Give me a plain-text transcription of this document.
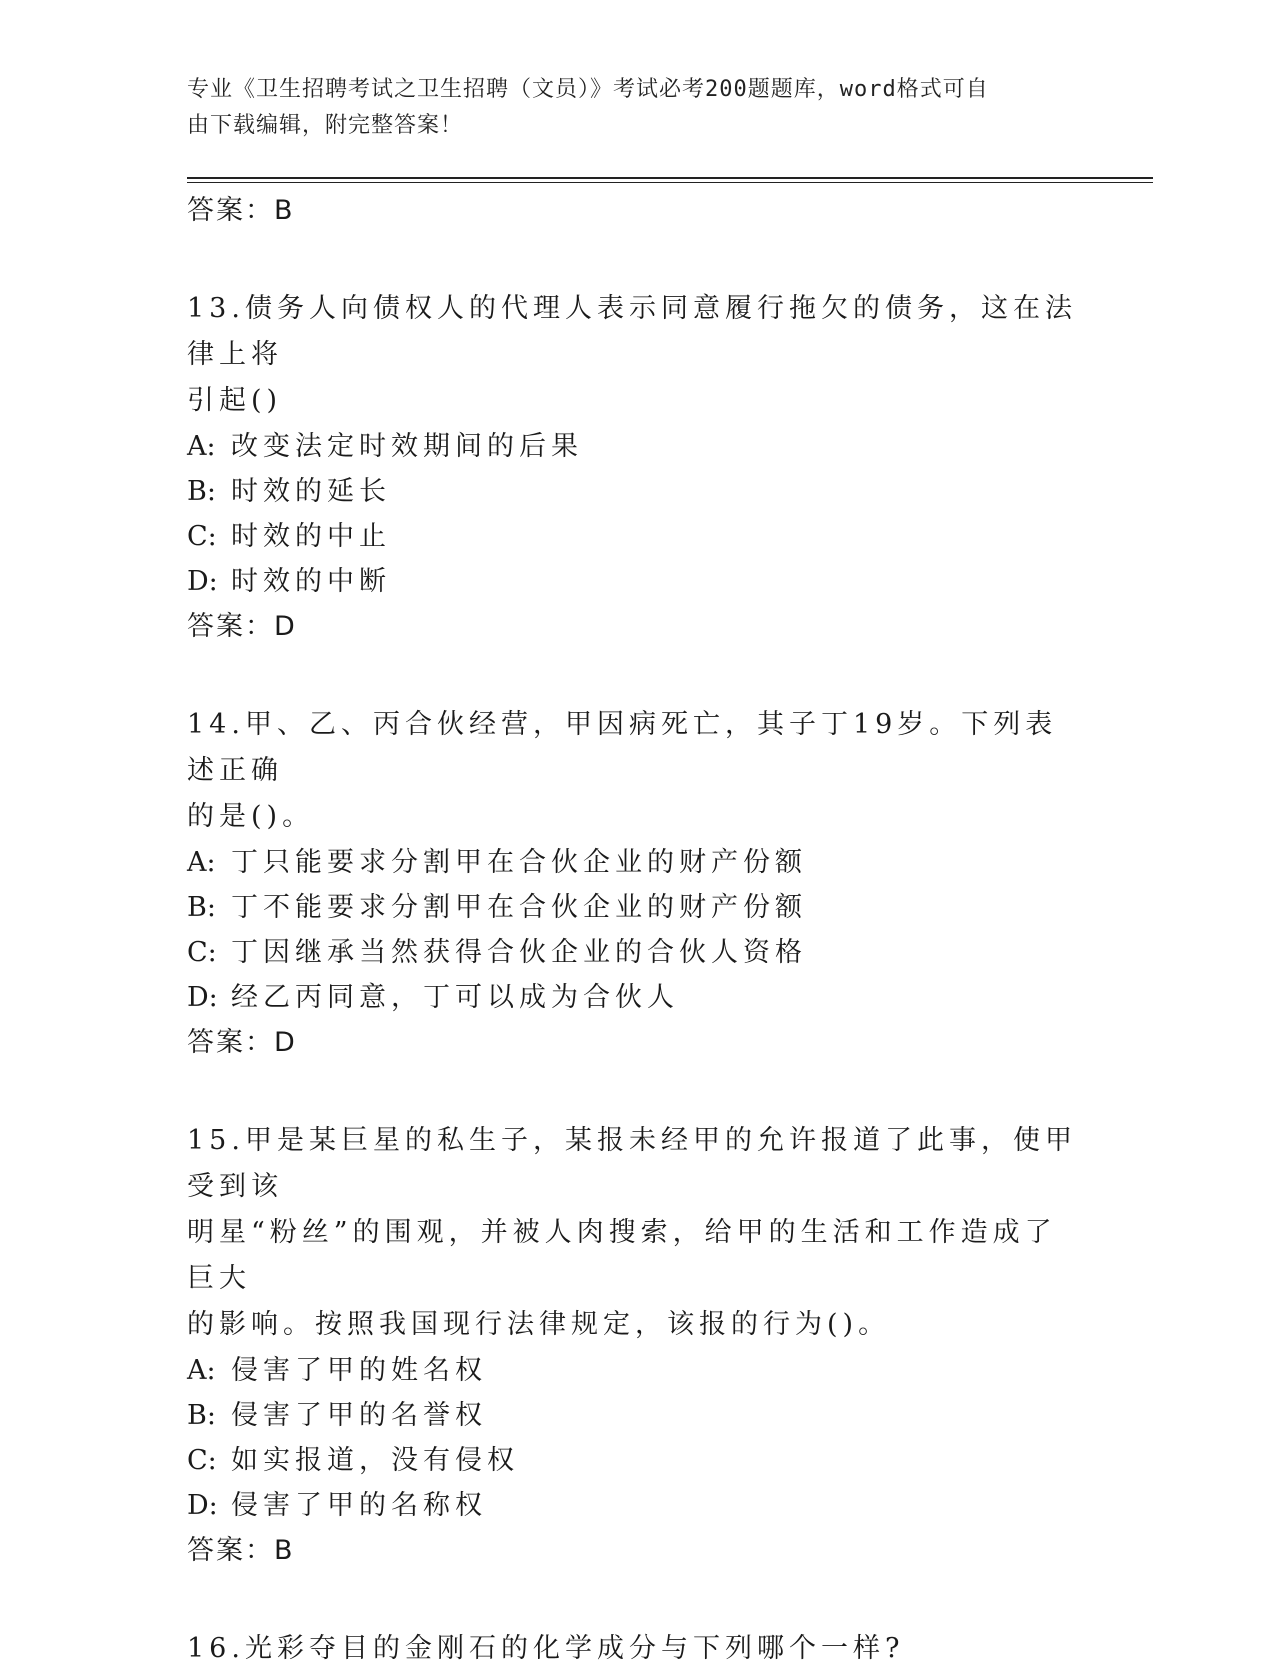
专业《卫生招聘考试之卫生招聘（文员）》考试必考200题题库，word格式可自
由下载编辑，附完整答案！
答案：B
13.债务人向债权人的代理人表示同意履行拖欠的债务，这在法律上将
引起()
A: 改变法定时效期间的后果
B: 时效的延长
C: 时效的中止
D: 时效的中断
答案：D
14.甲、乙、丙合伙经营，甲因病死亡，其子丁19岁。下列表述正确
的是()。
A: 丁只能要求分割甲在合伙企业的财产份额
B: 丁不能要求分割甲在合伙企业的财产份额
C: 丁因继承当然获得合伙企业的合伙人资格
D: 经乙丙同意，丁可以成为合伙人
答案：D
15.甲是某巨星的私生子，某报未经甲的允许报道了此事，使甲受到该
明星“粉丝”的围观，并被人肉搜索，给甲的生活和工作造成了巨大
的影响。按照我国现行法律规定，该报的行为()。
A: 侵害了甲的姓名权
B: 侵害了甲的名誉权
C: 如实报道，没有侵权
D: 侵害了甲的名称权
答案：B
16.光彩夺目的金刚石的化学成分与下列哪个一样?
